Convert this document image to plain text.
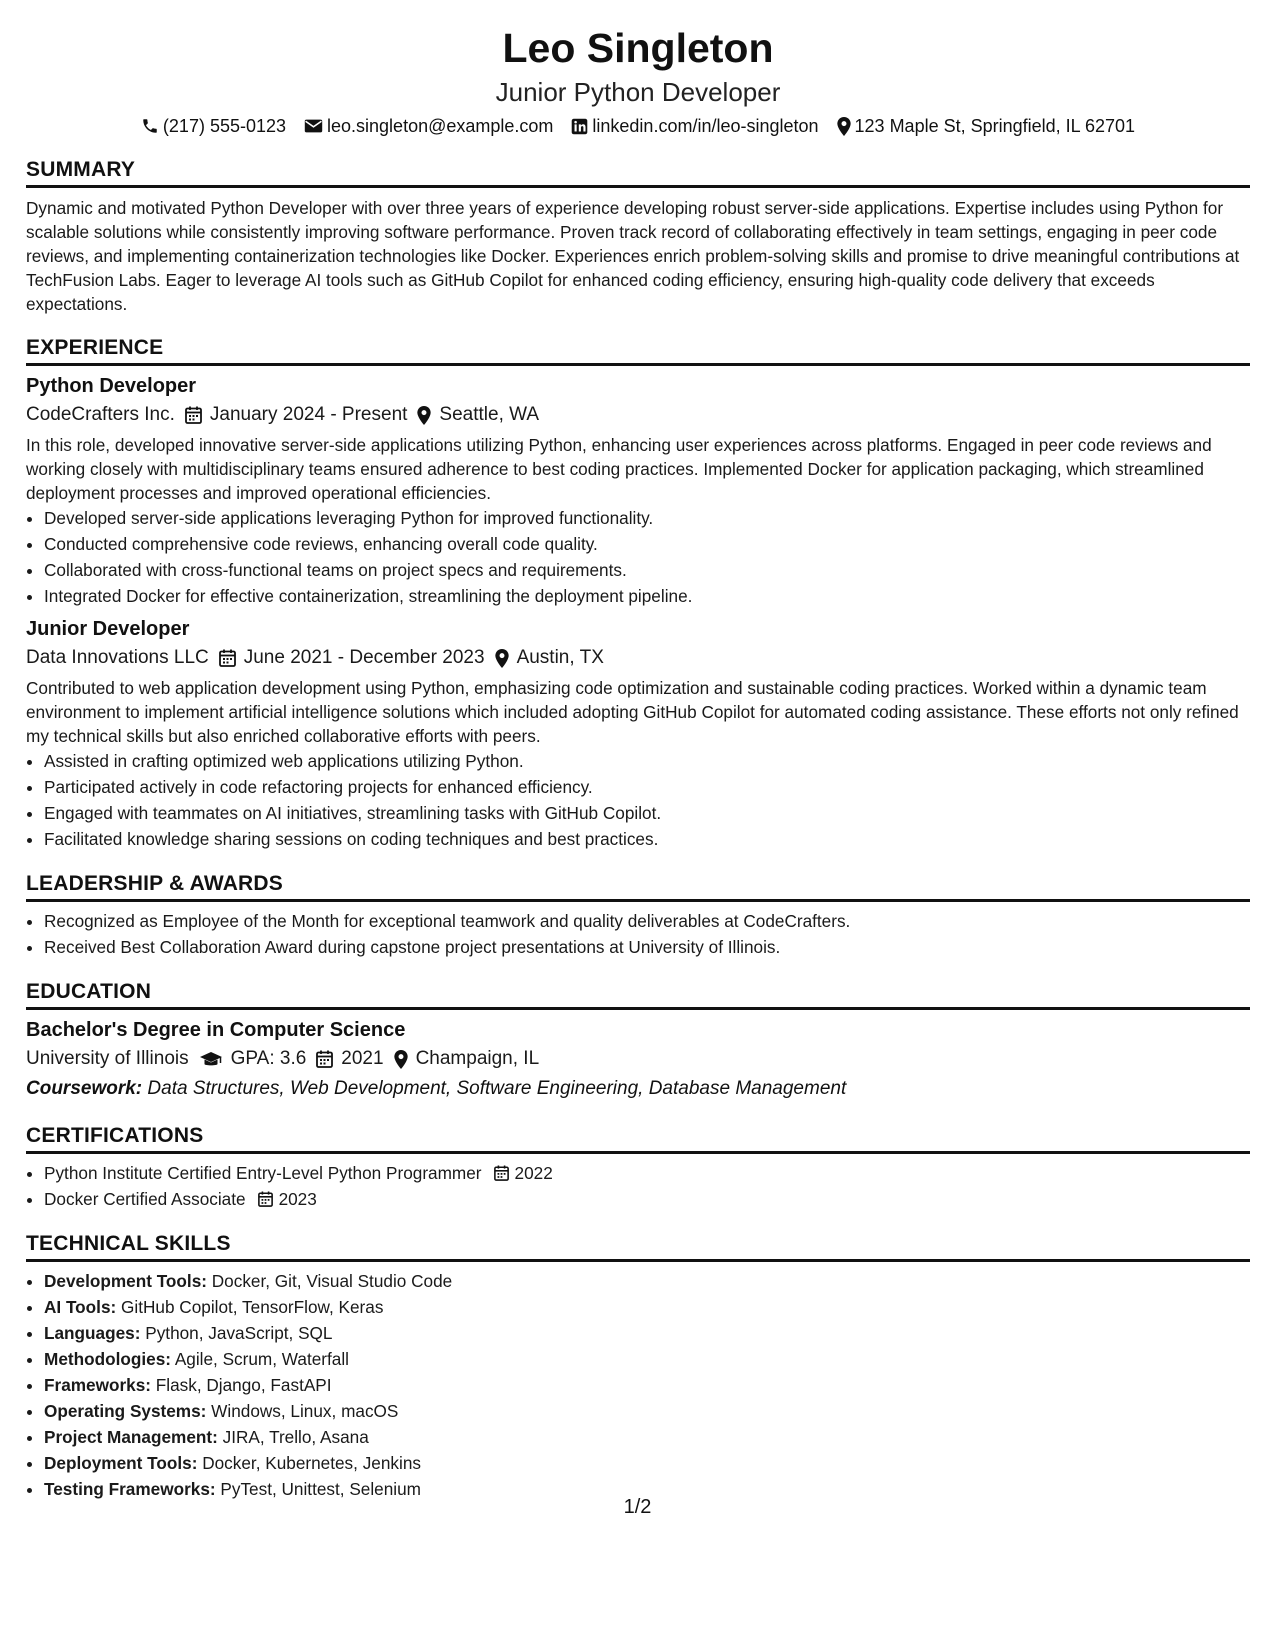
Leo Singleton
Junior Python Developer
(217) 555-0123 leo.singleton@example.com linkedin.com/in/leo-singleton 123 Maple St, Springfield, IL 62701
SUMMARY

Dynamic and motivated Python Developer with over three years of experience developing robust server-side applications. Expertise includes using Python for scalable solutions while consistently improving software performance. Proven track record of collaborating effectively in team settings, engaging in peer code reviews, and implementing containerization technologies like Docker. Experiences enrich problem-solving skills and promise to drive meaningful contributions at TechFusion Labs. Eager to leverage AI tools such as GitHub Copilot for enhanced coding efficiency, ensuring high-quality code delivery that exceeds expectations.

EXPERIENCE
Python Developer
CodeCrafters Inc. January 2024 - Present Seattle, WA

In this role, developed innovative server-side applications utilizing Python, enhancing user experiences across platforms. Engaged in peer code reviews and working closely with multidisciplinary teams ensured adherence to best coding practices. Implemented Docker for application packaging, which streamlined deployment processes and improved operational efficiencies.

• Developed server-side applications leveraging Python for improved functionality.
• Conducted comprehensive code reviews, enhancing overall code quality.
• Collaborated with cross-functional teams on project specs and requirements.
• Integrated Docker for effective containerization, streamlining the deployment pipeline.
Junior Developer
Data Innovations LLC June 2021 - December 2023 Austin, TX

Contributed to web application development using Python, emphasizing code optimization and sustainable coding practices. Worked within a dynamic team environment to implement artificial intelligence solutions which included adopting GitHub Copilot for automated coding assistance. These efforts not only refined my technical skills but also enriched collaborative efforts with peers.

• Assisted in crafting optimized web applications utilizing Python.
• Participated actively in code refactoring projects for enhanced efficiency.
• Engaged with teammates on AI initiatives, streamlining tasks with GitHub Copilot.
• Facilitated knowledge sharing sessions on coding techniques and best practices.
LEADERSHIP & AWARDS
• Recognized as Employee of the Month for exceptional teamwork and quality deliverables at CodeCrafters.
• Received Best Collaboration Award during capstone project presentations at University of Illinois.
EDUCATION
Bachelor's Degree in Computer Science
University of Illinois GPA: 3.6 2021 Champaign, IL
Coursework: Data Structures, Web Development, Software Engineering, Database Management
CERTIFICATIONS
• Python Institute Certified Entry-Level Python Programmer 2022
• Docker Certified Associate 2023
TECHNICAL SKILLS
• Development Tools: Docker, Git, Visual Studio Code
• AI Tools: GitHub Copilot, TensorFlow, Keras
• Languages: Python, JavaScript, SQL
• Methodologies: Agile, Scrum, Waterfall
• Frameworks: Flask, Django, FastAPI
• Operating Systems: Windows, Linux, macOS
• Project Management: JIRA, Trello, Asana
• Deployment Tools: Docker, Kubernetes, Jenkins
• Testing Frameworks: PyTest, Unittest, Selenium
1/2
